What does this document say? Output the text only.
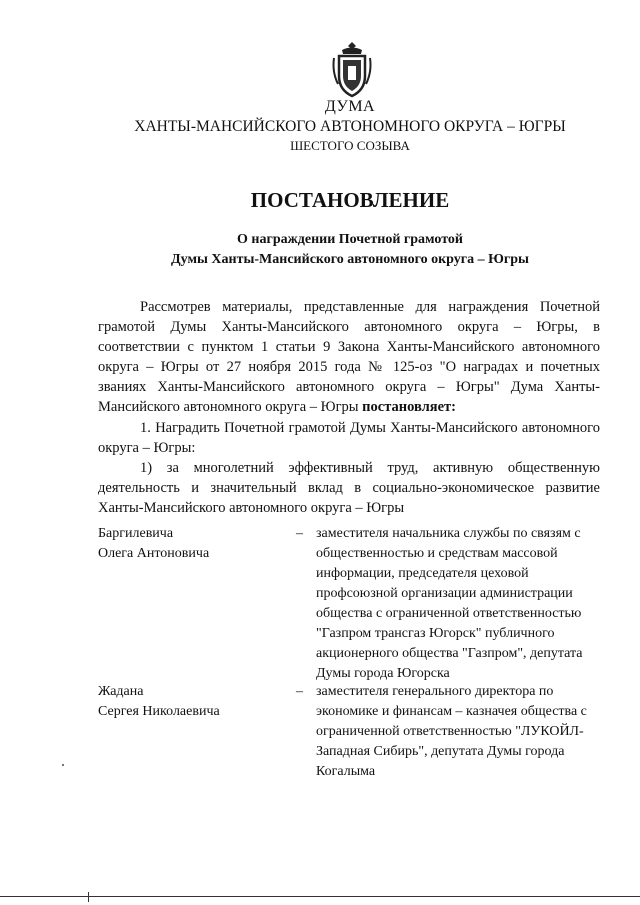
ДУМА
ХАНТЫ-МАНСИЙСКОГО АВТОНОМНОГО ОКРУГА – ЮГРЫ
ШЕСТОГО СОЗЫВА
ПОСТАНОВЛЕНИЕ
О награждении Почетной грамотой
Думы Ханты-Мансийского автономного округа – Югры
Рассмотрев материалы, представленные для награждения Почетной грамотой Думы Ханты-Мансийского автономного округа – Югры, в соответствии с пунктом 1 статьи 9 Закона Ханты-Мансийского автономного округа – Югры от 27 ноября 2015 года № 125-оз "О наградах и почетных званиях Ханты-Мансийского автономного округа – Югры" Дума Ханты-Мансийского автономного округа – Югры постановляет:
1. Наградить Почетной грамотой Думы Ханты-Мансийского автономного округа – Югры:
1) за многолетний эффективный труд, активную общественную деятельность и значительный вклад в социально-экономическое развитие Ханты-Мансийского автономного округа – Югры
Баргилевича
Олега Антоновича
– заместителя начальника службы по связям с общественностью и средствам массовой информации, председателя цеховой профсоюзной организации администрации общества с ограниченной ответственностью "Газпром трансгаз Югорск" публичного акционерного общества "Газпром", депутата Думы города Югорска
Жадана
Сергея Николаевича
– заместителя генерального директора по экономике и финансам – казначея общества с ограниченной ответственностью "ЛУКОЙЛ-Западная Сибирь", депутата Думы города Когалыма
